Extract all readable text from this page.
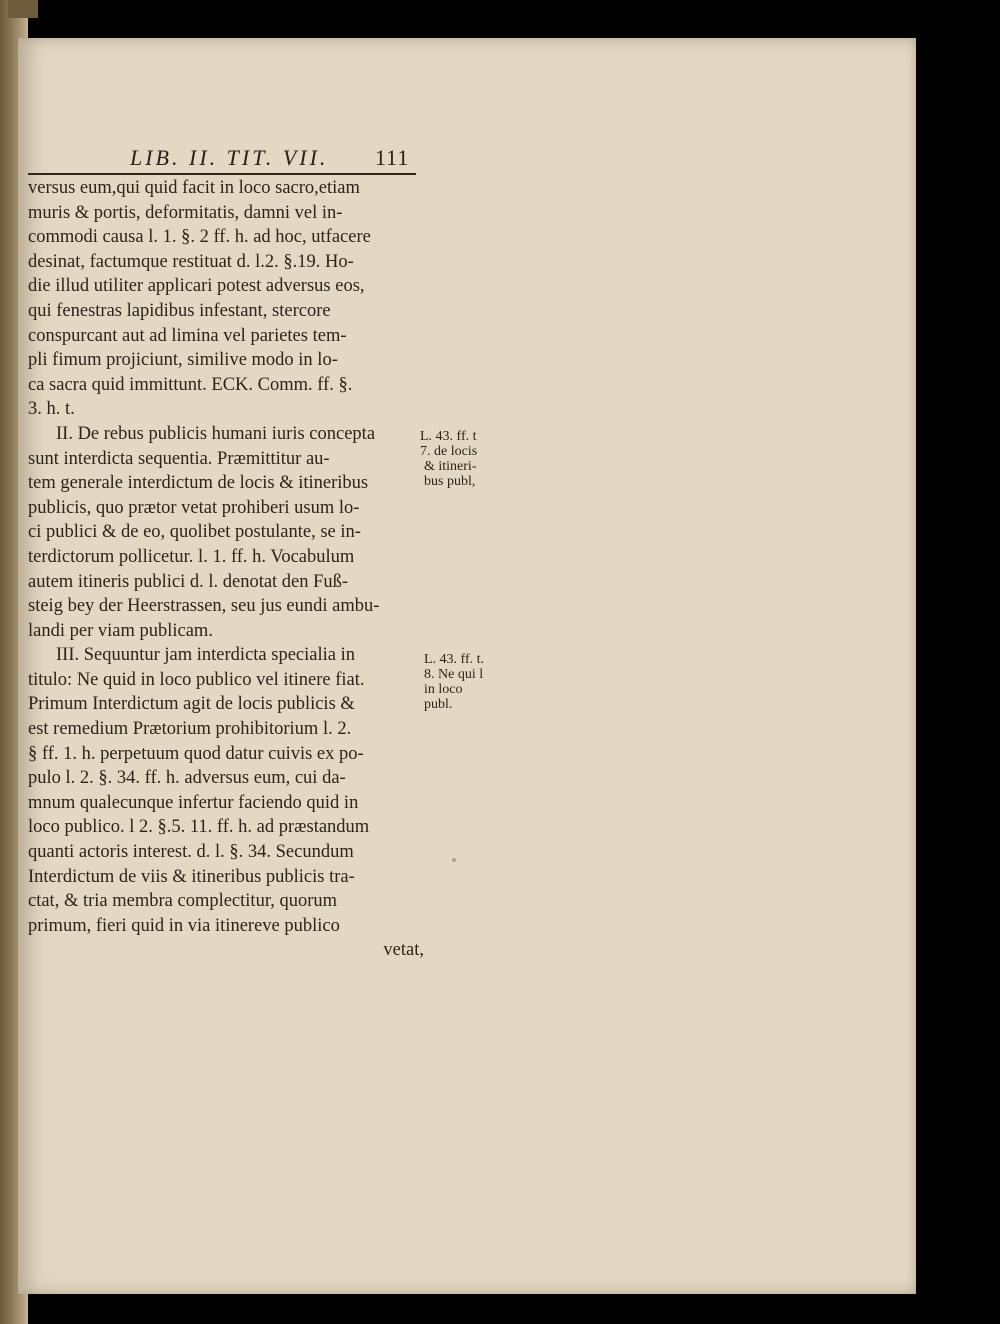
LIB. II. TIT. VII. 111
versus eum,qui quid facit in loco sacro,etiam
muris & portis, deformitatis, damni vel in-
commodi causa l. 1. §. 2 ff. h. ad hoc, utfacere
desinat, factumque restituat d. l.2. §.19. Ho-
die illud utiliter applicari potest adversus eos,
qui fenestras lapidibus infestant, stercore
conspurcant aut ad limina vel parietes tem-
pli fimum projiciunt, similive modo in lo-
ca sacra quid immittunt. ECK. Comm. ff. §.
3. h. t.
II. De rebus publicis humani iuris concepta
sunt interdicta sequentia. Præmittitur au-
tem generale interdictum de locis & itineribus
publicis, quo prætor vetat prohiberi usum lo-
ci publici & de eo, quolibet postulante, se in-
terdictorum pollicetur. l. 1. ff. h. Vocabulum
autem itineris publici d. l. denotat den Fuß-
steig bey der Heerstrassen, seu jus eundi ambu-
landi per viam publicam.
III. Sequuntur jam interdicta specialia in
titulo: Ne quid in loco publico vel itinere fiat.
Primum Interdictum agit de locis publicis &
est remedium Prætorium prohibitorium l. 2.
§ ff. 1. h. perpetuum quod datur cuivis ex po-
pulo l. 2. §. 34. ff. h. adversus eum, cui da-
mnum qualecunque infertur faciendo quid in
loco publico. l 2. §.5. 11. ff. h. ad præstandum
quanti actoris interest. d. l. §. 34. Secundum
Interdictum de viis & itineribus publicis tra-
ctat, & tria membra complectitur, quorum
primum, fieri quid in via itinereve publico
vetat,
L. 43. ff. t
7. de locis
& itineri-
bus publ,
L. 43. ff. t.
8. Ne qui l
in loco
publ.
